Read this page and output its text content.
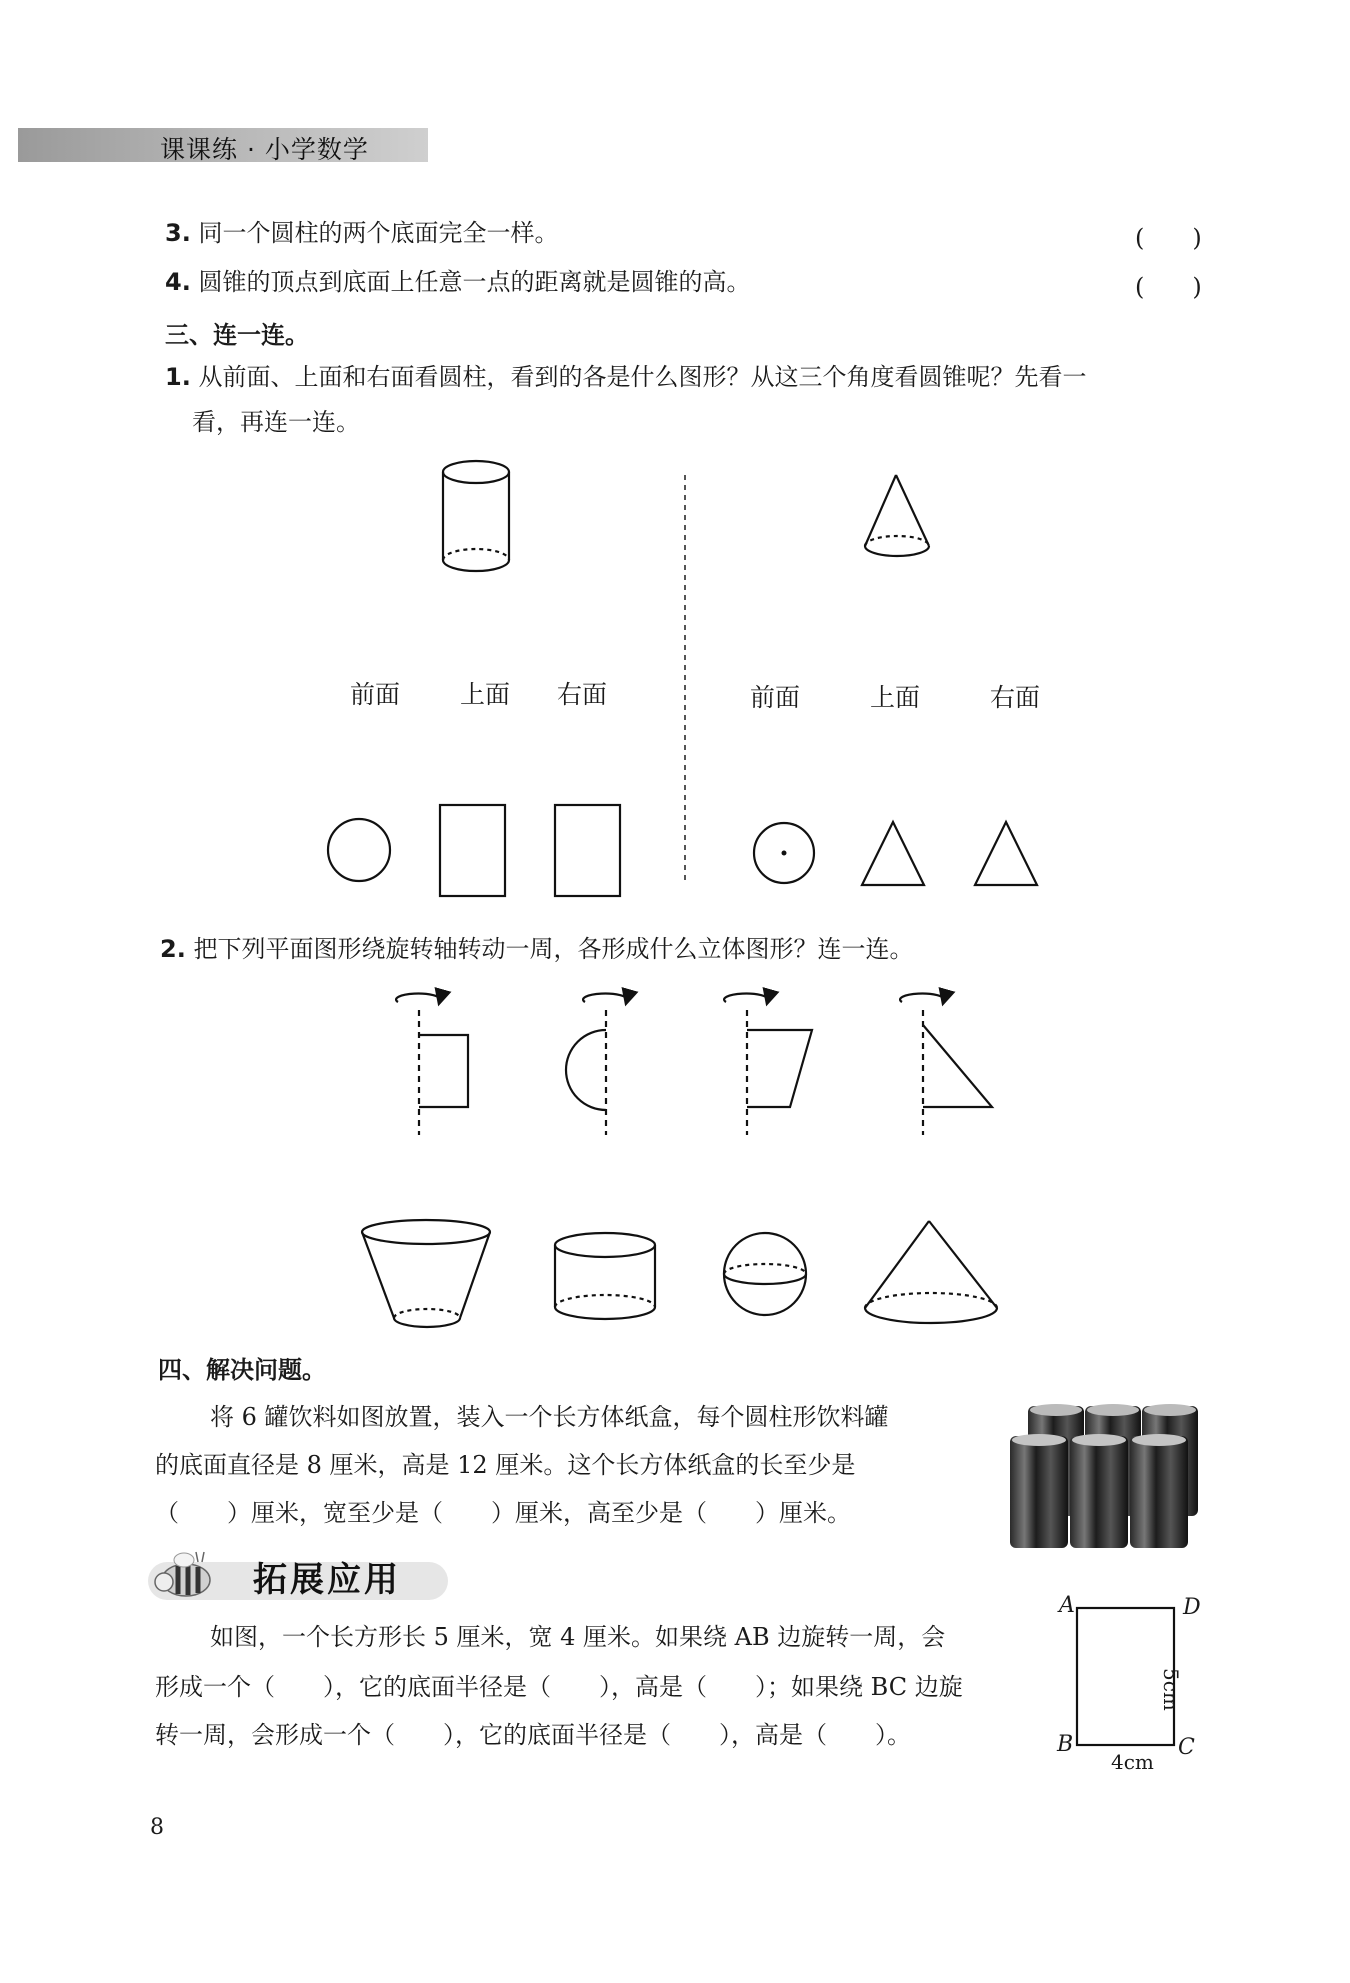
课课练 · 小学数学
3. 同一个圆柱的两个底面完全一样。	(　　)
4. 圆锥的顶点到底面上任意一点的距离就是圆锥的高。	(　　)
三、连一连。
1. 从前面、上面和右面看圆柱，看到的各是什么图形？从这三个角度看圆锥呢？先看一
看，再连一连。
前面 上面 右面	前面	上面	右面
2. 把下列平面图形绕旋转轴转动一周，各形成什么立体图形？连一连。
四、解决问题。
将 6 罐饮料如图放置，装入一个长方体纸盒，每个圆柱形饮料罐
的底面直径是 8 厘米，高是 12 厘米。这个长方体纸盒的长至少是
（　　）厘米，宽至少是（　　）厘米，高至少是（　　）厘米。
拓展应用
如图，一个长方形长 5 厘米，宽 4 厘米。如果绕 AB 边旋转一周，会
形成一个（　　），它的底面半径是（　　），高是（　　）；如果绕 BC 边旋
转一周，会形成一个（　　），它的底面半径是（　　），高是（　　）。
A	D
B	C
5cm
4cm
8
